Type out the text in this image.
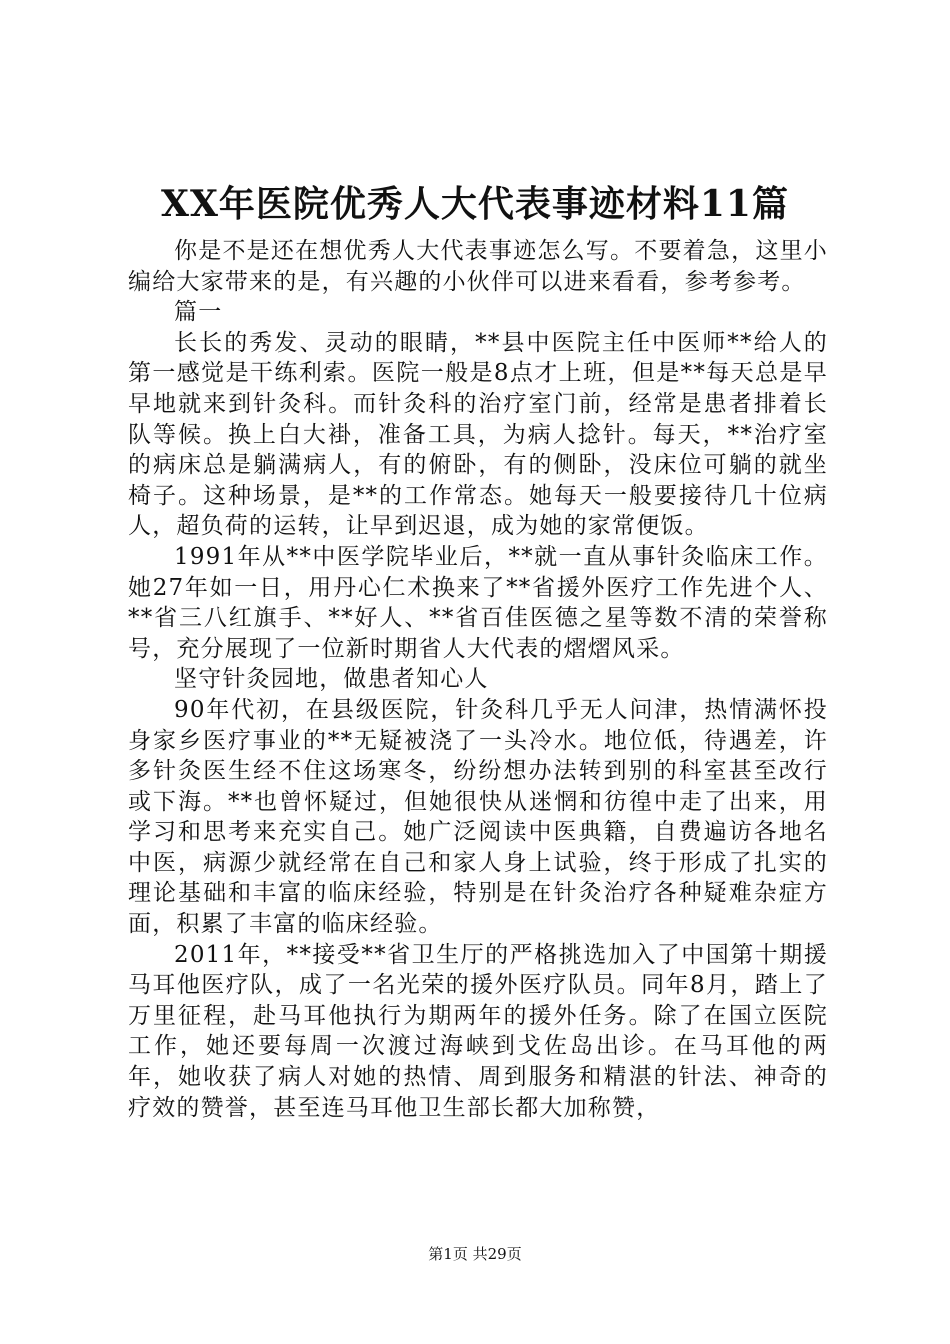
XX年医院优秀人大代表事迹材料11篇

你是不是还在想优秀人大代表事迹怎么写。不要着急，这里小编给大家带来的是，有兴趣的小伙伴可以进来看看，参考参考。

篇一

长长的秀发、灵动的眼睛，**县中医院主任中医师**给人的第一感觉是干练利索。医院一般是8点才上班，但是**每天总是早早地就来到针灸科。而针灸科的治疗室门前，经常是患者排着长队等候。换上白大褂，准备工具，为病人捻针。每天，**治疗室的病床总是躺满病人，有的俯卧，有的侧卧，没床位可躺的就坐椅子。这种场景，是**的工作常态。她每天一般要接待几十位病人，超负荷的运转，让早到迟退，成为她的家常便饭。

1991年从**中医学院毕业后，**就一直从事针灸临床工作。她27年如一日，用丹心仁术换来了**省援外医疗工作先进个人、**省三八红旗手、**好人、**省百佳医德之星等数不清的荣誉称号，充分展现了一位新时期省人大代表的熠熠风采。

坚守针灸园地，做患者知心人

90年代初，在县级医院，针灸科几乎无人问津，热情满怀投身家乡医疗事业的**无疑被浇了一头冷水。地位低，待遇差，许多针灸医生经不住这场寒冬，纷纷想办法转到别的科室甚至改行或下海。**也曾怀疑过，但她很快从迷惘和彷徨中走了出来，用学习和思考来充实自己。她广泛阅读中医典籍，自费遍访各地名中医，病源少就经常在自己和家人身上试验，终于形成了扎实的理论基础和丰富的临床经验，特别是在针灸治疗各种疑难杂症方面，积累了丰富的临床经验。

2011年，**接受**省卫生厅的严格挑选加入了中国第十期援马耳他医疗队，成了一名光荣的援外医疗队员。同年8月，踏上了万里征程，赴马耳他执行为期两年的援外任务。除了在国立医院工作，她还要每周一次渡过海峡到戈佐岛出诊。在马耳他的两年，她收获了病人对她的热情、周到服务和精湛的针法、神奇的疗效的赞誉，甚至连马耳他卫生部长都大加称赞，

第1页 共29页
